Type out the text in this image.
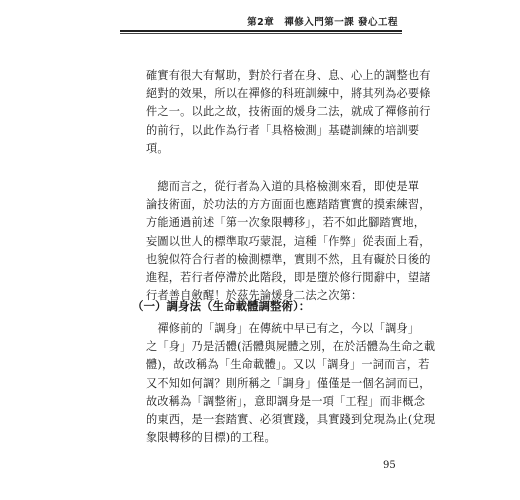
第2章　禪修入門第一課 發心工程
確實有很大有幫助，對於行者在身、息、心上的調整也有
絕對的效果，所以在禪修的科班訓練中，將其列為必要條
件之一。以此之故，技術面的煖身二法，就成了禪修前行
的前行，以此作為行者「具格檢測」基礎訓練的培訓要
項。
　總而言之，從行者為入道的具格檢測來看，即使是單
論技術面，於功法的方方面面也應踏踏實實的摸索練習，
方能通過前述「第一次象限轉移」，若不如此腳踏實地，
妄圖以世人的標準取巧蒙混，這種「作弊」從表面上看，
也貌似符合行者的檢測標準，實則不然，且有礙於日後的
進程，若行者停滯於此階段，即是墮於修行閒辭中，望諸
行者善自斂醒！於茲先論煖身二法之次第：
（一）調身法（生命載體調整術）：
　禪修前的「調身」在傳統中早已有之，今以「調身」
之「身」乃是活體(活體與屍體之別，在於活體為生命之載
體)，故改稱為「生命載體」。又以「調身」一詞而言，若
又不知如何調？則所稱之「調身」僅僅是一個名詞而已，
故改稱為「調整術」，意即調身是一項「工程」而非概念
的東西，是一套踏實、必須實踐，具實踐到兌現為止(兌現
象限轉移的目標)的工程。
95
